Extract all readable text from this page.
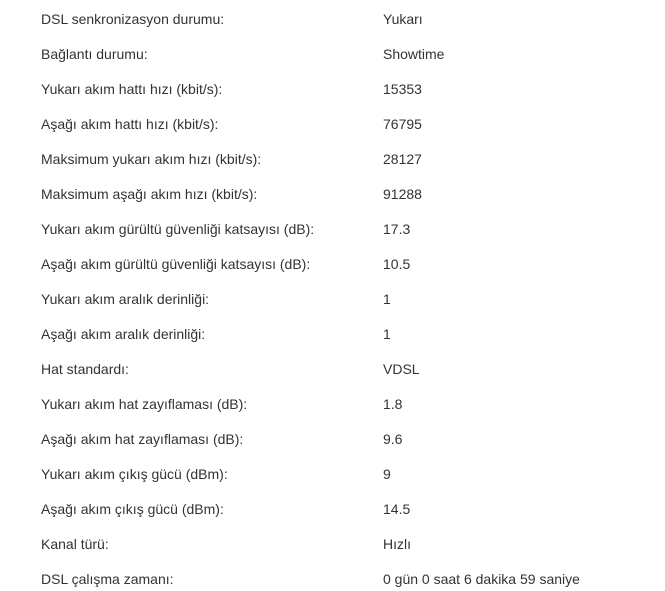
DSL senkronizasyon durumu:	Yukarı
Bağlantı durumu:	Showtime
Yukarı akım hattı hızı (kbit/s):	15353
Aşağı akım hattı hızı (kbit/s):	76795
Maksimum yukarı akım hızı (kbit/s):	28127
Maksimum aşağı akım hızı (kbit/s):	91288
Yukarı akım gürültü güvenliği katsayısı (dB):	17.3
Aşağı akım gürültü güvenliği katsayısı (dB):	10.5
Yukarı akım aralık derinliği:	1
Aşağı akım aralık derinliği:	1
Hat standardı:	VDSL
Yukarı akım hat zayıflaması (dB):	1.8
Aşağı akım hat zayıflaması (dB):	9.6
Yukarı akım çıkış gücü (dBm):	9
Aşağı akım çıkış gücü (dBm):	14.5
Kanal türü:	Hızlı
DSL çalışma zamanı:	0 gün 0 saat 6 dakika 59 saniye
